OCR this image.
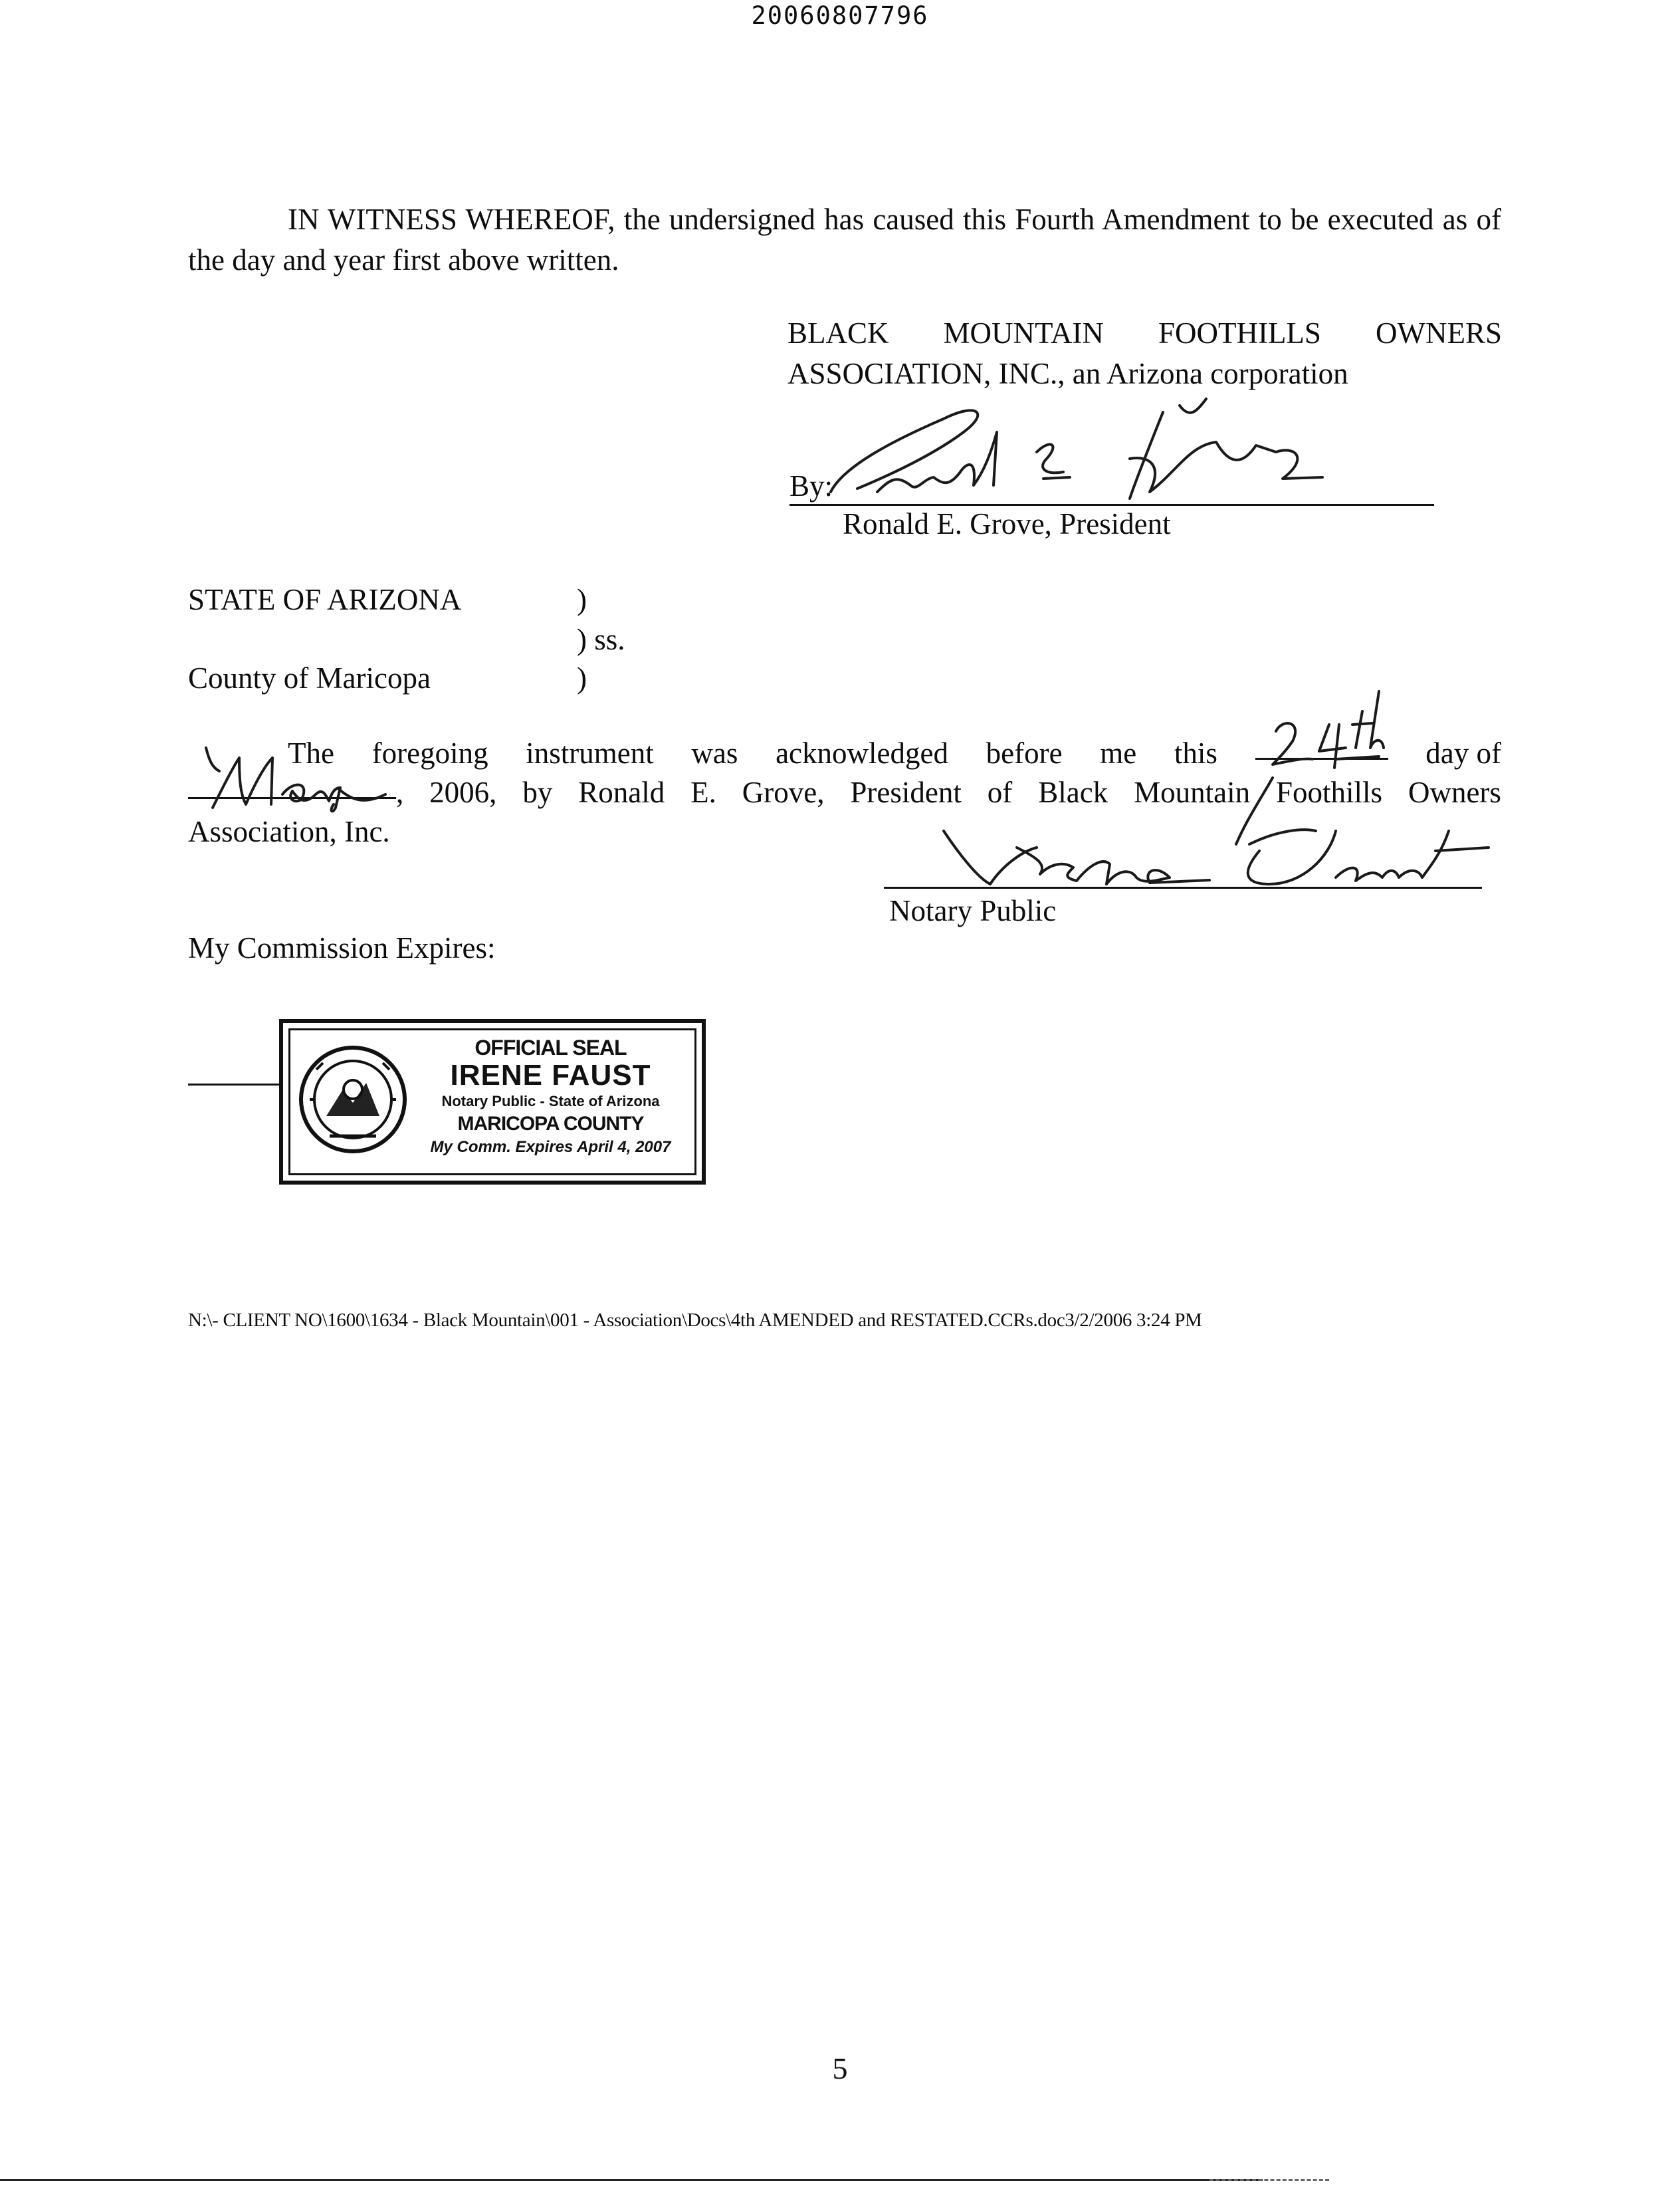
20060807796
IN WITNESS WHEREOF, the undersigned has caused this Fourth Amendment to be executed as of the day and year first above written.
BLACK MOUNTAIN FOOTHILLS OWNERS
ASSOCIATION, INC., an Arizona corporation
By:
Ronald E. Grove, President
STATE OF ARIZONA	)
) ss.
)
County of Maricopa
The foregoing instrument was acknowledged before me this	day of
, 2006, by Ronald E. Grove, President of Black Mountain Foothills Owners
Association, Inc.
Notary Public
My Commission Expires:
OFFICIAL SEAL
IRENE FAUST
Notary Public - State of Arizona
MARICOPA COUNTY
My Comm. Expires April 4, 2007
N:\- CLIENT NO\1600\1634 - Black Mountain\001 - Association\Docs\4th AMENDED and RESTATED.CCRs.doc3/2/2006 3:24 PM
5
